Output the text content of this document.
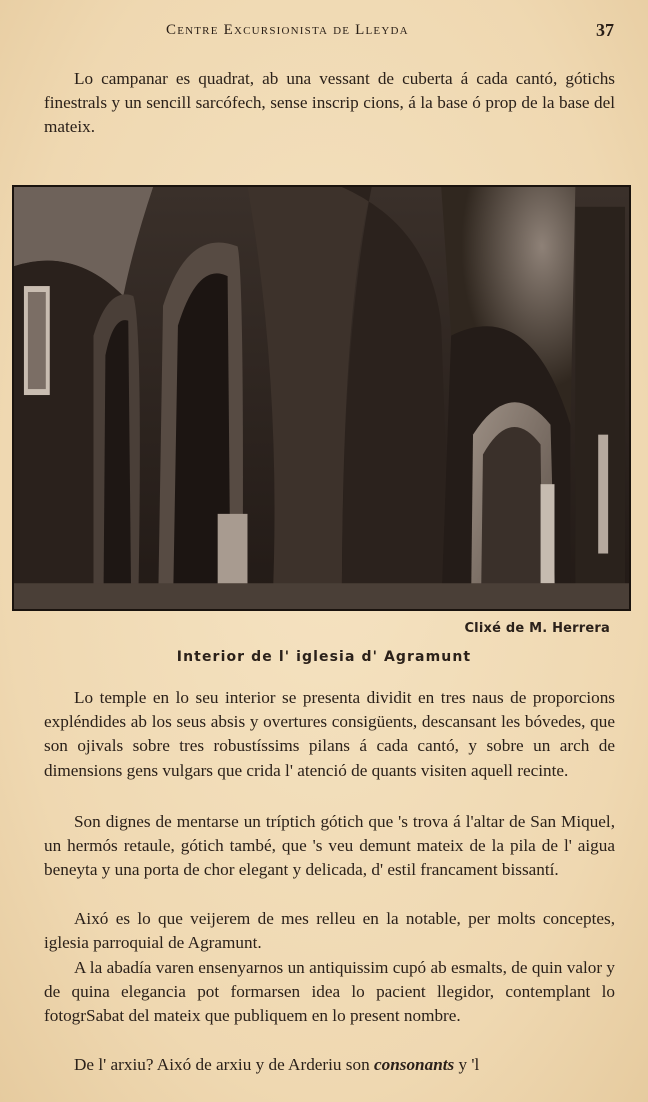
Centre Excursionista de Lleyda	37

Lo campanar es quadrat, ab una vessant de cuberta á cada cantó, gótichs finestrals y un sencill sarcófech, sense inscrip cions, á la base ó prop de la base del mateix.

Clixé de M. Herrera
Interior de l' iglesia d' Agramunt

Lo temple en lo seu interior se presenta dividit en tres naus de proporcions expléndides ab los seus absis y overtures consigüents, descansant les bóvedes, que son ojivals sobre tres robustíssims pilans á cada cantó, y sobre un arch de dimensions gens vulgars que crida l' atenció de quants visiten aquell recinte.

Son dignes de mentarse un tríptich gótich que 's trova á l'altar de San Miquel, un hermós retaule, gótich també, que 's veu demunt mateix de la pila de l' aigua beneyta y una porta de chor elegant y delicada, d' estil francament bissantí.

Aixó es lo que veijerem de mes relleu en la notable, per molts conceptes, iglesia parroquial de Agramunt.

A la abadía varen ensenyarnos un antiquissim cupó ab esmalts, de quin valor y de quina elegancia pot formarsen idea lo pacient llegidor, contemplant lo fotogrSabat del mateix que publiquem en lo present nombre.

De l' arxiu? Aixó de arxiu y de Arderiu son consonants y 'l
